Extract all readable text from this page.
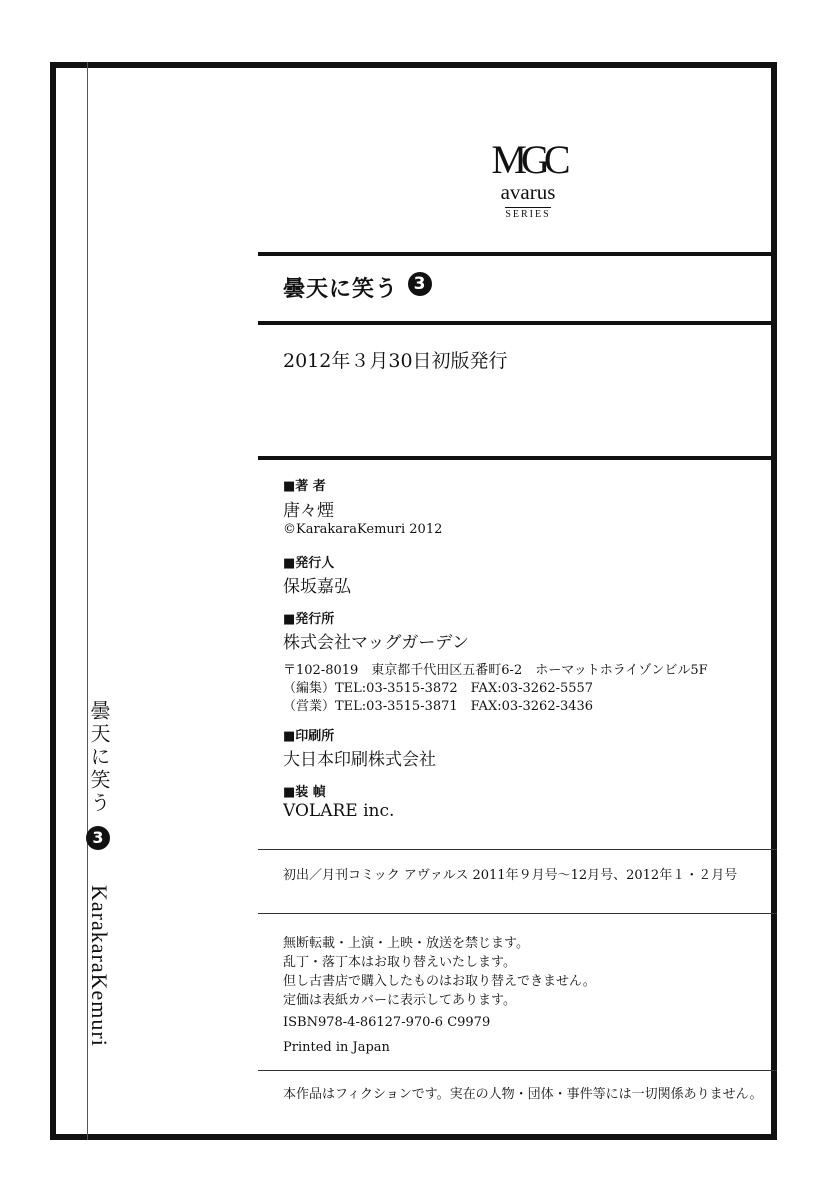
MGC
avarus
SERIES
曇天に笑う 3
2012年３月30日初版発行
■著 者
唐々煙
©KarakaraKemuri 2012
■発行人
保坂嘉弘
■発行所
株式会社マッグガーデン
〒102-8019　東京都千代田区五番町6-2　ホーマットホライゾンビル5F
（編集）TEL:03-3515-3872　FAX:03-3262-5557
（営業）TEL:03-3515-3871　FAX:03-3262-3436
■印刷所
大日本印刷株式会社
■装 幀
VOLARE inc.
初出／月刊コミック アヴァルス 2011年９月号〜12月号、2012年１・２月号
無断転載・上演・上映・放送を禁じます。
乱丁・落丁本はお取り替えいたします。
但し古書店で購入したものはお取り替えできません。
定価は表紙カバーに表示してあります。
ISBN978-4-86127-970-6 C9979
Printed in Japan
本作品はフィクションです。実在の人物・団体・事件等には一切関係ありません。
曇天に笑う
3
KarakaraKemuri
